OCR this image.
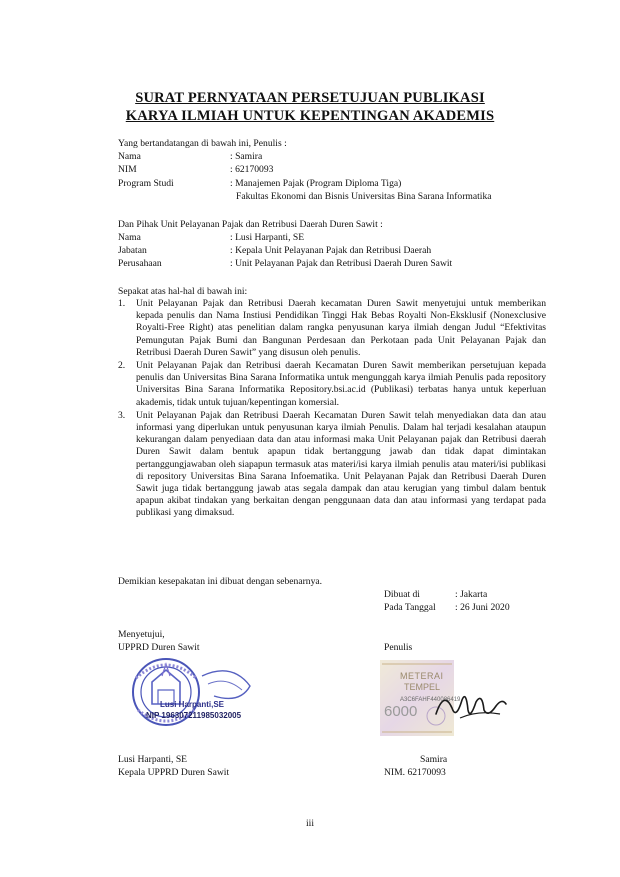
SURAT PERNYATAAN PERSETUJUAN PUBLIKASI
KARYA ILMIAH UNTUK KEPENTINGAN AKADEMIS
Yang bertandatangan di bawah ini, Penulis :
Nama	: Samira
NIM	: 62170093
Program Studi	: Manajemen Pajak (Program Diploma Tiga)
Fakultas Ekonomi dan Bisnis Universitas Bina Sarana Informatika
Dan Pihak Unit Pelayanan Pajak dan Retribusi Daerah Duren Sawit :
Nama	: Lusi Harpanti, SE
Jabatan	: Kepala Unit Pelayanan Pajak dan Retribusi Daerah
Perusahaan	: Unit Pelayanan Pajak dan Retribusi Daerah Duren Sawit
Sepakat atas hal-hal di bawah ini:
1. Unit Pelayanan Pajak dan Retribusi Daerah kecamatan Duren Sawit menyetujui untuk memberikan kepada penulis dan Nama Instiusi Pendidikan Tinggi Hak Bebas Royalti Non-Eksklusif (Nonexclusive Royalti-Free Right) atas penelitian dalam rangka penyusunan karya ilmiah dengan Judul “Efektivitas Pemungutan Pajak Bumi dan Bangunan Perdesaan dan Perkotaan pada Unit Pelayanan Pajak dan Retribusi Daerah Duren Sawit” yang disusun oleh penulis.
2. Unit Pelayanan Pajak dan Retribusi daerah Kecamatan Duren Sawit memberikan persetujuan kepada penulis dan Universitas Bina Sarana Informatika untuk mengunggah karya ilmiah Penulis pada repository Universitas Bina Sarana Informatika Repository.bsi.ac.id (Publikasi) terbatas hanya untuk keperluan akademis, tidak untuk tujuan/kepentingan komersial.
3. Unit Pelayanan Pajak dan Retribusi Daerah Kecamatan Duren Sawit telah menyediakan data dan atau informasi yang diperlukan untuk penyusunan karya ilmiah Penulis. Dalam hal terjadi kesalahan ataupun kekurangan dalam penyediaan data dan atau informasi maka Unit Pelayanan pajak dan Retribusi daerah Duren Sawit dalam bentuk apapun tidak bertanggung jawab dan tidak dapat dimintakan pertanggungjawaban oleh siapapun termasuk atas materi/isi karya ilmiah penulis atau materi/isi publikasi di repository Universitas Bina Sarana Infoematika. Unit Pelayanan Pajak dan Retribusi Daerah Duren Sawit juga tidak bertanggung jawab atas segala dampak dan atau kerugian yang timbul dalam bentuk apapun akibat tindakan yang berkaitan dengan penggunaan data dan atau informasi yang terdapat pada publikasi yang dimaksud.
Demikian kesepakatan ini dibuat dengan sebenarnya.
Dibuat di	: Jakarta
Pada Tanggal : 26 Juni 2020
Menyetujui,
UPPRD Duren Sawit	Penulis
Lusi Harpanti,SE
NIP 196307211985032005
METERAI
TEMPEL
A3C6FAHF440086419
6000
Lusi Harpanti, SE
Kepala UPPRD Duren Sawit
Samira
NIM. 62170093
iii
